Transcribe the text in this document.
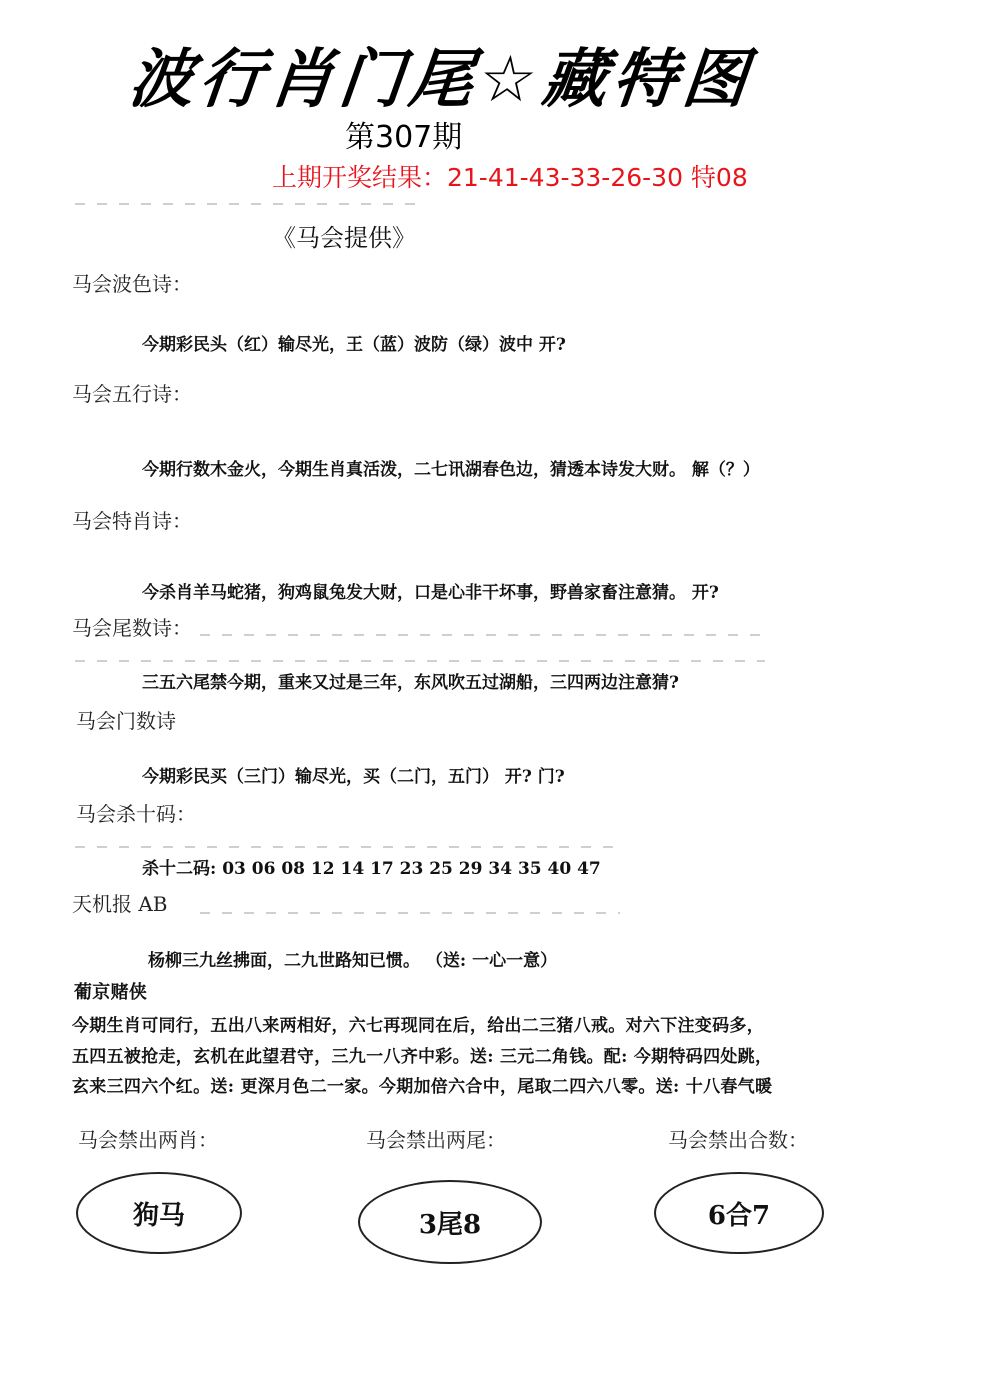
波行肖门尾☆藏特图
第307期
上期开奖结果：21-41-43-33-26-30 特08
《马会提供》
马会波色诗：
今期彩民头（红）输尽光，王（蓝）波防（绿）波中 开?
马会五行诗：
今期行数木金火，今期生肖真活泼，二七讯湖春色边，猜透本诗发大财。 解（？）
马会特肖诗：
今杀肖羊马蛇猪，狗鸡鼠兔发大财，口是心非干坏事，野兽家畜注意猜。 开?
马会尾数诗：
三五六尾禁今期，重来又过是三年，东风吹五过湖船，三四两边注意猜?
马会门数诗
今期彩民买（三门）输尽光，买（二门，五门） 开? 门?
马会杀十码：
杀十二码: 03 06 08 12 14 17 23 25 29 34 35 40 47
天机报 AB
杨柳三九丝拂面，二九世路知已惯。 （送: 一心一意）
葡京赌侠
今期生肖可同行，五出八来两相好，六七再现同在后，给出二三猪八戒。对六下注变码多，
五四五被抢走，玄机在此望君守，三九一八齐中彩。送: 三元二角钱。配: 今期特码四处跳，
玄来三四六个红。送: 更深月色二一家。今期加倍六合中，尾取二四六八零。送: 十八春气暖
马会禁出两肖：	马会禁出两尾：	马会禁出合数：
狗马	3尾8	6合7
